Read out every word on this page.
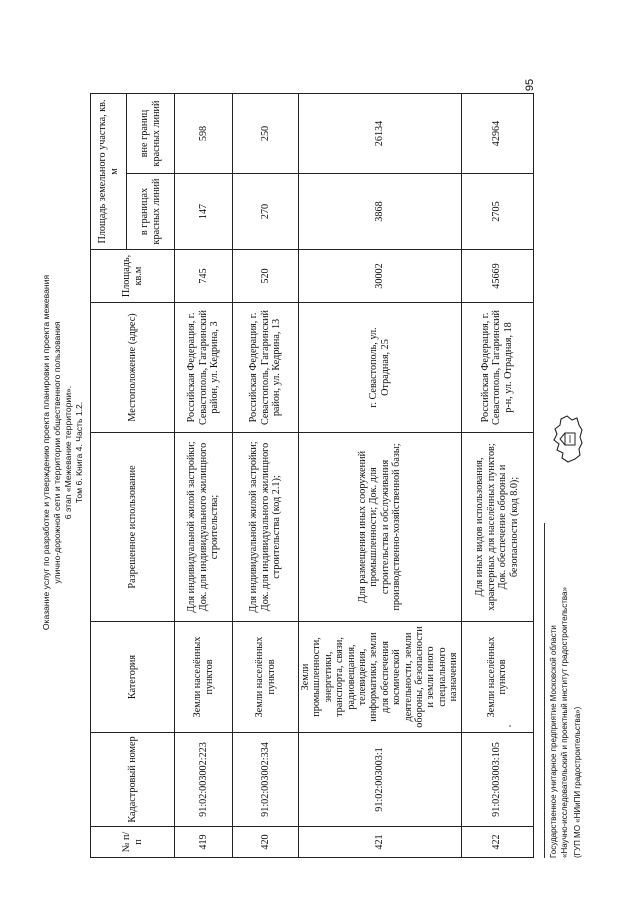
Оказание услуг по разработке и утверждению проекта планировки и проекта межевания улично-дорожной сети и территории общественного пользования 6 этап «Межевание территории». Том 6. Книга 4. Часть 1.2.
95
№ п/п	Кадастровый номер	Категория	Разрешенное использование	Местоположение (адрес)	Площадь, кв.м	Площадь земельного участка, кв. м	
						в границах красных линий	вне границ красных линий
419	91:02:003002:223	Земли населённых пунктов	Для индивидуальной жилой застройки; Док. для индивидуального жилищного строительства;	Российская Федерация, г. Севастополь, Гагаринский район, ул. Кедрина, 3	745	147	598
420	91:02:003002:334	Земли населённых пунктов	Для индивидуальной жилой застройки; Док. для индивидуального жилищного строительства (код 2.1);	Российская Федерация, г. Севастополь, Гагаринский район, ул. Кедрина, 13	520	270	250
421	91:02:003003:1	Земли промышленности, энергетики, транспорта, связи, радиовещания, телевидения, информатики, земли для обеспечения космической деятельности, земли обороны, безопасности и земли иного специального назначения	Для размещения иных сооружений промышленности; Док. для строительства и обслуживания производственно-хозяйственной базы;	г. Севастополь, ул. Отрадная, 25	30002	3868	26134
422	91:02:003003:105	Земли населённых пунктов	Для иных видов использования, характерных для населённых пунктов; Док. обеспечение обороны и безопасности (код 8.0);	Российская Федерация, г. Севастополь, Гагаринский р-н, ул. Отрадная, 18	45669	2705	42964
Государственное унитарное предприятие Московской области «Научно-исследовательский и проектный институт градостроительства» (ГУП МО «НИиПИ градостроительства»)
